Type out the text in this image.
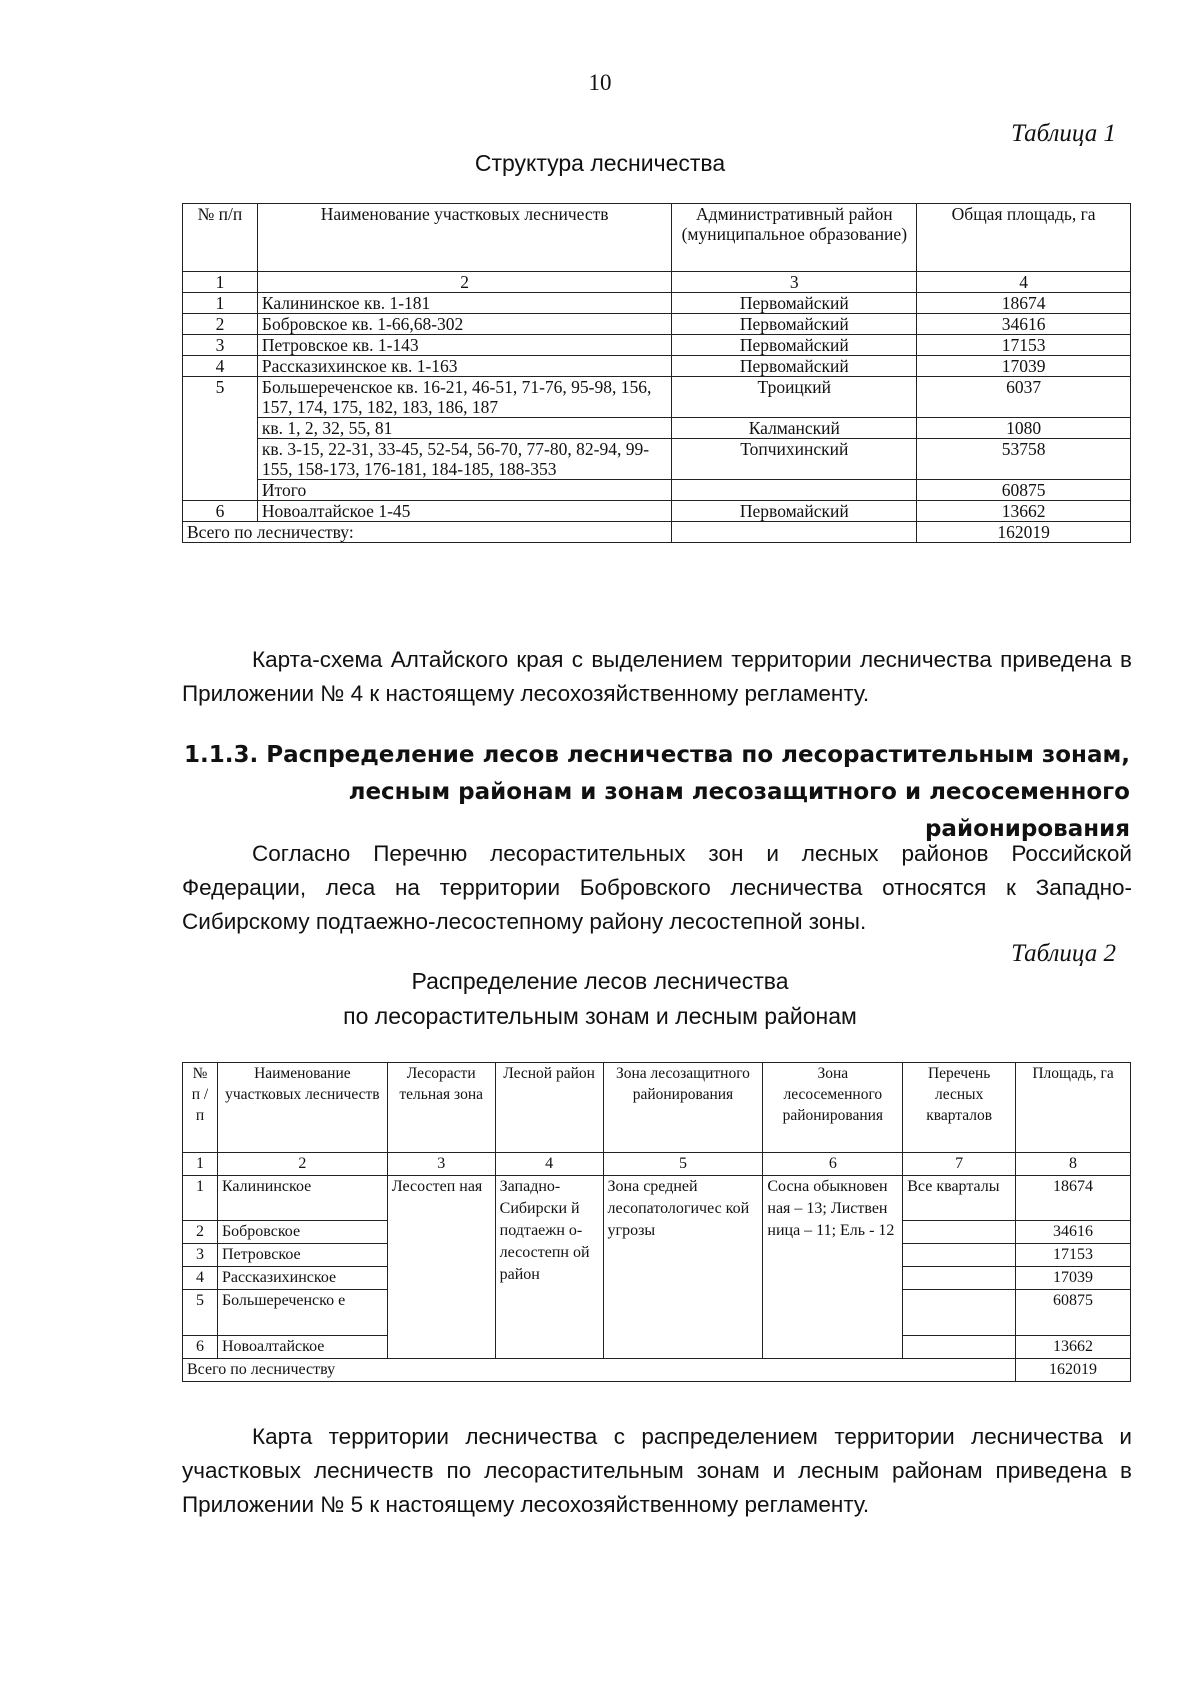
10
Таблица 1
Структура лесничества
№ п/п	Наименование участковых лесничеств	Административный район (муниципальное образование)	Общая площадь, га
1	2	3	4
1	Калининское кв. 1-181	Первомайский	18674
2	Бобровское кв. 1-66,68-302	Первомайский	34616
3	Петровское кв. 1-143	Первомайский	17153
4	Рассказихинское кв. 1-163	Первомайский	17039
5	Большереченское кв. 16-21, 46-51, 71-76, 95-98, 156, 157, 174, 175, 182, 183, 186, 187	Троицкий	6037
	кв. 1, 2, 32, 55, 81	Калманский	1080
	кв. 3-15, 22-31, 33-45, 52-54, 56-70, 77-80, 82-94, 99-155, 158-173, 176-181, 184-185, 188-353	Топчихинский	53758
	Итого		60875
6	Новоалтайское 1-45	Первомайский	13662
Всего по лесничеству:			162019
Карта-схема Алтайского края с выделением территории лесничества приведена в Приложении № 4 к настоящему лесохозяйственному регламенту.
1.1.3. Распределение лесов лесничества по лесорастительным зонам,
лесным районам и зонам лесозащитного и лесосеменного районирования
Согласно Перечню лесорастительных зон и лесных районов Российской Федерации, леса на территории Бобровского лесничества относятся к Западно-Сибирскому подтаежно-лесостепному району лесостепной зоны.
Таблица 2
Распределение лесов лесничества
по лесорастительным зонам и лесным районам
№ п / п	Наименование участковых лесничеств	Лесорасти тельная зона	Лесной район	Зона лесозащитного районирования	Зона лесосеменного районирования	Перечень лесных кварталов	Площадь, га
1	2	3	4	5	6	7	8
1	Калининское	Лесостеп ная	Западно-Сибирски й подтаежн о-лесостепн ой район	Зона средней лесопатологичес кой угрозы	Сосна обыкновен ная – 13; Листвен ница – 11; Ель - 12	Все кварталы	18674
2	Бобровское						34616
3	Петровское						17153
4	Рассказихинское						17039
5	Большереченско е						60875
6	Новоалтайское						13662
Всего по лесничеству							162019
Карта территории лесничества с распределением территории лесничества и участковых лесничеств по лесорастительным зонам и лесным районам приведена в Приложении № 5 к настоящему лесохозяйственному регламенту.
